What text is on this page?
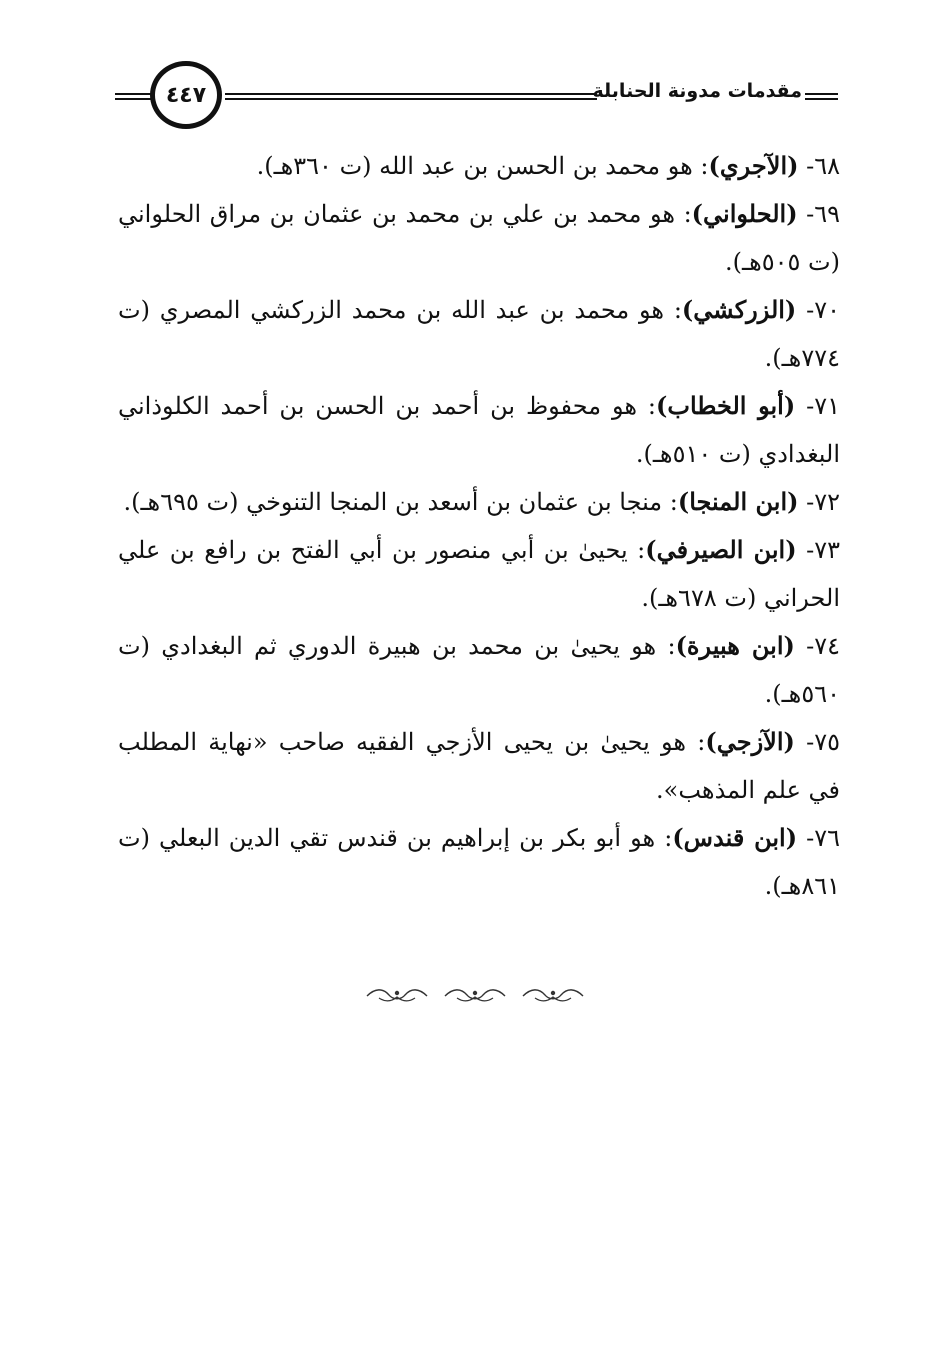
٤٤٧	مقدمات مدونة الحنابلة

٦٨- (الآجري): هو محمد بن الحسن بن عبد الله (ت ٣٦٠هـ).

٦٩- (الحلواني): هو محمد بن علي بن محمد بن عثمان بن مراق الحلواني (ت ٥٠٥هـ).

٧٠- (الزركشي): هو محمد بن عبد الله بن محمد الزركشي المصري (ت ٧٧٤هـ).

٧١- (أبو الخطاب): هو محفوظ بن أحمد بن الحسن بن أحمد الكلوذاني البغدادي (ت ٥١٠هـ).

٧٢- (ابن المنجا): منجا بن عثمان بن أسعد بن المنجا التنوخي (ت ٦٩٥هـ).

٧٣- (ابن الصيرفي): يحيىٰ بن أبي منصور بن أبي الفتح بن رافع بن علي الحراني (ت ٦٧٨هـ).

٧٤- (ابن هبيرة): هو يحيىٰ بن محمد بن هبيرة الدوري ثم البغدادي (ت ٥٦٠هـ).

٧٥- (الآزجي): هو يحيىٰ بن يحيى الأزجي الفقيه صاحب «نهاية المطلب في علم المذهب».

٧٦- (ابن قندس): هو أبو بكر بن إبراهيم بن قندس تقي الدين البعلي (ت ٨٦١هـ).
